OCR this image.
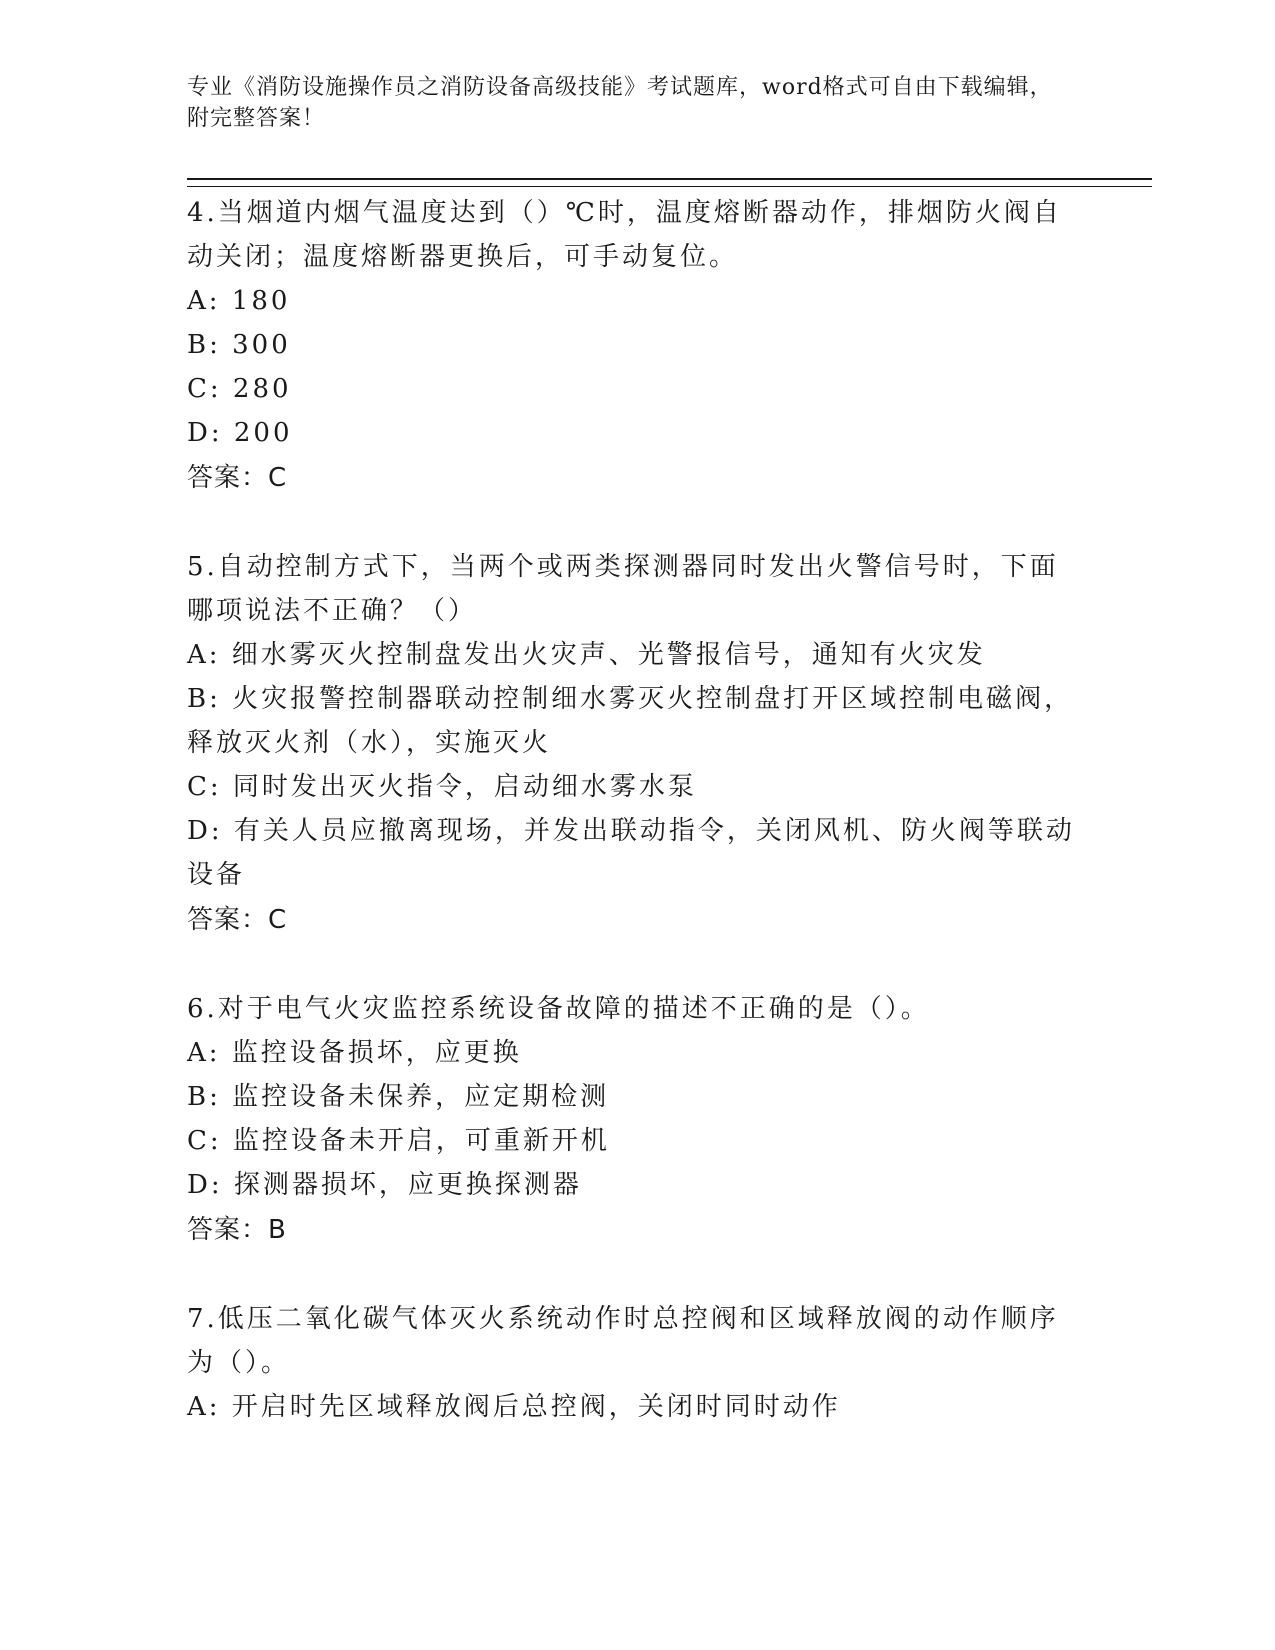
专业《消防设施操作员之消防设备高级技能》考试题库，word格式可自由下载编辑，附完整答案！
4.当烟道内烟气温度达到（）℃时，温度熔断器动作，排烟防火阀自动关闭；温度熔断器更换后，可手动复位。
A: 180
B: 300
C: 280
D: 200
答案：C
5.自动控制方式下，当两个或两类探测器同时发出火警信号时，下面哪项说法不正确？（）
A: 细水雾灭火控制盘发出火灾声、光警报信号，通知有火灾发
B: 火灾报警控制器联动控制细水雾灭火控制盘打开区域控制电磁阀，释放灭火剂（水），实施灭火
C: 同时发出灭火指令，启动细水雾水泵
D: 有关人员应撤离现场，并发出联动指令，关闭风机、防火阀等联动设备
答案：C
6.对于电气火灾监控系统设备故障的描述不正确的是（）。
A: 监控设备损坏，应更换
B: 监控设备未保养，应定期检测
C: 监控设备未开启，可重新开机
D: 探测器损坏，应更换探测器
答案：B
7.低压二氧化碳气体灭火系统动作时总控阀和区域释放阀的动作顺序为（）。
A: 开启时先区域释放阀后总控阀，关闭时同时动作
